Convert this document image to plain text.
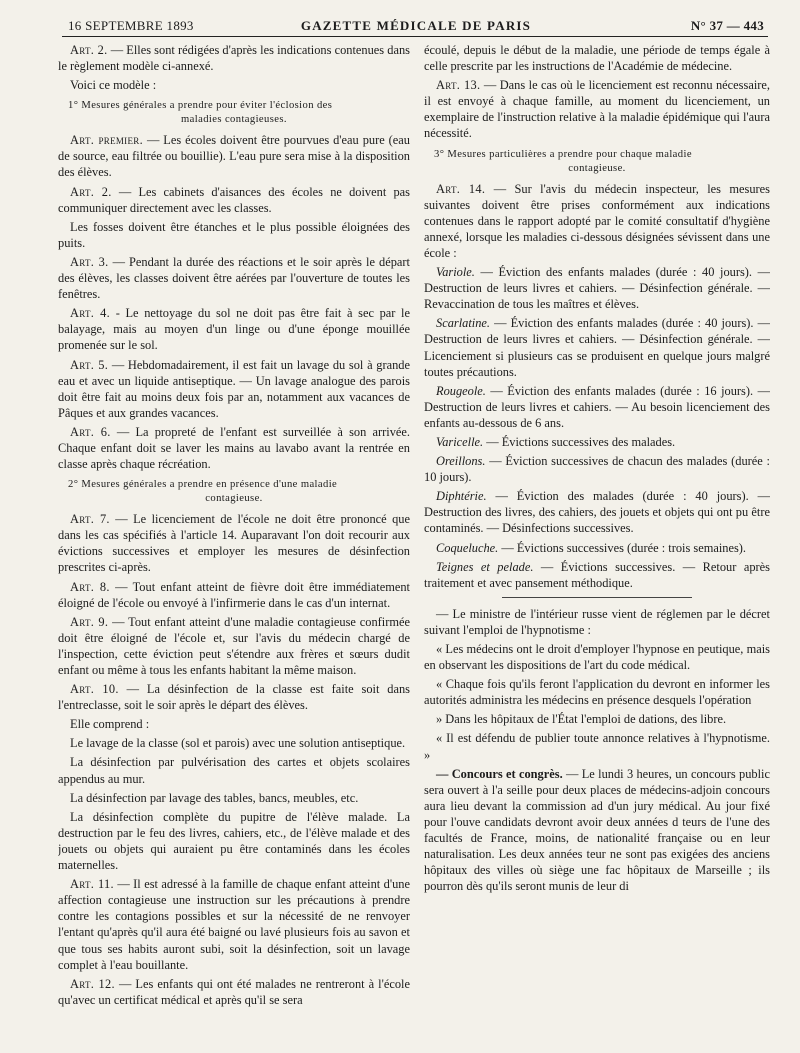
16 SEPTEMBRE 1893	GAZETTE MÉDICALE DE PARIS	N° 37 — 443

Art. 2. — Elles sont rédigées d'après les indications contenues dans le règlement modèle ci-annexé.

Voici ce modèle :

1° Mesures générales a prendre pour éviter l'éclosion des
maladies contagieuses.

Art. premier. — Les écoles doivent être pourvues d'eau pure (eau de source, eau filtrée ou bouillie). L'eau pure sera mise à la disposition des élèves.

Art. 2. — Les cabinets d'aisances des écoles ne doivent pas communiquer directement avec les classes.

Les fosses doivent être étanches et le plus possible éloignées des puits.

Art. 3. — Pendant la durée des réactions et le soir après le départ des élèves, les classes doivent être aérées par l'ouverture de toutes les fenêtres.

Art. 4. - Le nettoyage du sol ne doit pas être fait à sec par le balayage, mais au moyen d'un linge ou d'une éponge mouillée promenée sur le sol.

Art. 5. — Hebdomadairement, il est fait un lavage du sol à grande eau et avec un liquide antiseptique. — Un lavage analogue des parois doit être fait au moins deux fois par an, notamment aux vacances de Pâques et aux grandes vacances.

Art. 6. — La propreté de l'enfant est surveillée à son arrivée. Chaque enfant doit se laver les mains au lavabo avant la rentrée en classe après chaque récréation.

2° Mesures générales a prendre en présence d'une maladie
contagieuse.

Art. 7. — Le licenciement de l'école ne doit être prononcé que dans les cas spécifiés à l'article 14. Auparavant l'on doit recourir aux évictions successives et employer les mesures de désinfection prescrites ci-après.

Art. 8. — Tout enfant atteint de fièvre doit être immédiatement éloigné de l'école ou envoyé à l'infirmerie dans le cas d'un internat.

Art. 9. — Tout enfant atteint d'une maladie contagieuse confirmée doit être éloigné de l'école et, sur l'avis du médecin chargé de l'inspection, cette éviction peut s'étendre aux frères et sœurs dudit enfant ou même à tous les enfants habitant la même maison.

Art. 10. — La désinfection de la classe est faite soit dans l'entreclasse, soit le soir après le départ des élèves.

Elle comprend :

Le lavage de la classe (sol et parois) avec une solution antiseptique.

La désinfection par pulvérisation des cartes et objets scolaires appendus au mur.

La désinfection par lavage des tables, bancs, meubles, etc.

La désinfection complète du pupitre de l'élève malade. La destruction par le feu des livres, cahiers, etc., de l'élève malade et des jouets ou objets qui auraient pu être contaminés dans les écoles maternelles.

Art. 11. — Il est adressé à la famille de chaque enfant atteint d'une affection contagieuse une instruction sur les précautions à prendre contre les contagions possibles et sur la nécessité de ne renvoyer l'entant qu'après qu'il aura été baigné ou lavé plusieurs fois au savon et que tous ses habits auront subi, soit la désinfection, soit un lavage complet à l'eau bouillante.

Art. 12. — Les enfants qui ont été malades ne rentreront à l'école qu'avec un certificat médical et après qu'il se sera

écoulé, depuis le début de la maladie, une période de temps égale à celle prescrite par les instructions de l'Académie de médecine.

Art. 13. — Dans le cas où le licenciement est reconnu nécessaire, il est envoyé à chaque famille, au moment du licenciement, un exemplaire de l'instruction relative à la maladie épidémique qui l'aura nécessité.

3° Mesures particulières a prendre pour chaque maladie
contagieuse.

Art. 14. — Sur l'avis du médecin inspecteur, les mesures suivantes doivent être prises conformément aux indications contenues dans le rapport adopté par le comité consultatif d'hygiène annexé, lorsque les maladies ci-dessous désignées sévissent dans une école :

Variole. — Éviction des enfants malades (durée : 40 jours). — Destruction de leurs livres et cahiers. — Désinfection générale. — Revaccination de tous les maîtres et élèves.

Scarlatine. — Éviction des enfants malades (durée : 40 jours). — Destruction de leurs livres et cahiers. — Désinfection générale. — Licenciement si plusieurs cas se produisent en quelque jours malgré toutes précautions.

Rougeole. — Éviction des enfants malades (durée : 16 jours). — Destruction de leurs livres et cahiers. — Au besoin licenciement des enfants au-dessous de 6 ans.

Varicelle. — Évictions successives des malades.

Oreillons. — Éviction successives de chacun des malades (durée : 10 jours).

Diphtérie. — Éviction des malades (durée : 40 jours). — Destruction des livres, des cahiers, des jouets et objets qui ont pu être contaminés. — Désinfections successives.

Coqueluche. — Évictions successives (durée : trois semaines).

Teignes et pelade. — Évictions successives. — Retour après traitement et avec pansement méthodique.

— Le ministre de l'intérieur russe vient de réglemen par le décret suivant l'emploi de l'hypnotisme :

« Les médecins ont le droit d'employer l'hypnose en peutique, mais en observant les dispositions de l'art du code médical.

« Chaque fois qu'ils feront l'application du devront en informer les autorités administra les médecins en présence desquels l'opération

» Dans les hôpitaux de l'État l'emploi de dations, des libre.

« Il est défendu de publier toute annonce relatives à l'hypnotisme. »

— Concours et congrès. — Le lundi 3 heures, un concours public sera ouvert à l'a seille pour deux places de médecins-adjoin concours aura lieu devant la commission ad d'un jury médical. Au jour fixé pour l'ouve candidats devront avoir deux années d teurs de l'une des facultés de France, moins, de nationalité française ou en leur naturalisation. Les deux années teur ne sont pas exigées des anciens hôpitaux des villes où siège une fac hôpitaux de Marseille ; ils pourron dès qu'ils seront munis de leur di
